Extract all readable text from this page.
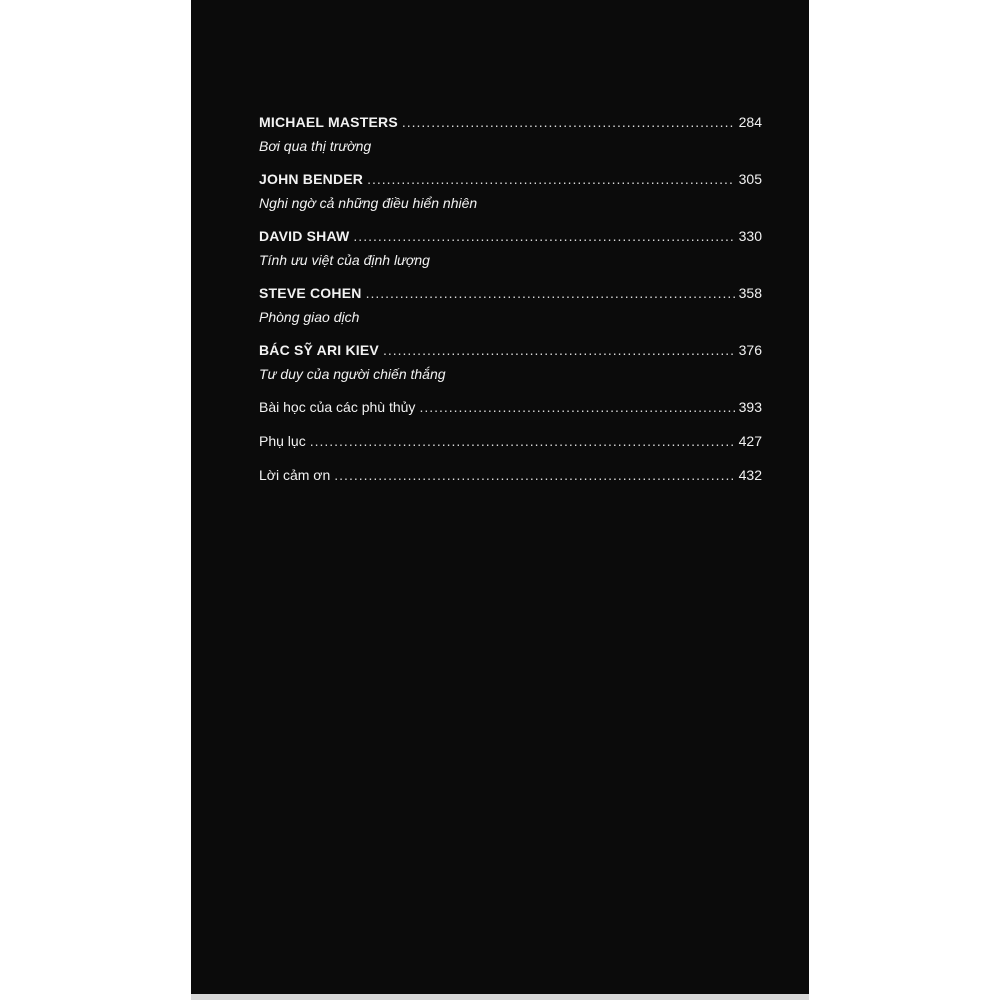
MICHAEL MASTERS .....	284
Bơi qua thị trường
JOHN BENDER .....	305
Nghi ngờ cả những điều hiển nhiên
DAVID SHAW .....	330
Tính ưu việt của định lượng
STEVE COHEN .....	358
Phòng giao dịch
BÁC SỸ ARI KIEV .....	376
Tư duy của người chiến thắng
Bài học của các phù thủy .....	393
Phụ lục .....	427
Lời cảm ơn .....	432
